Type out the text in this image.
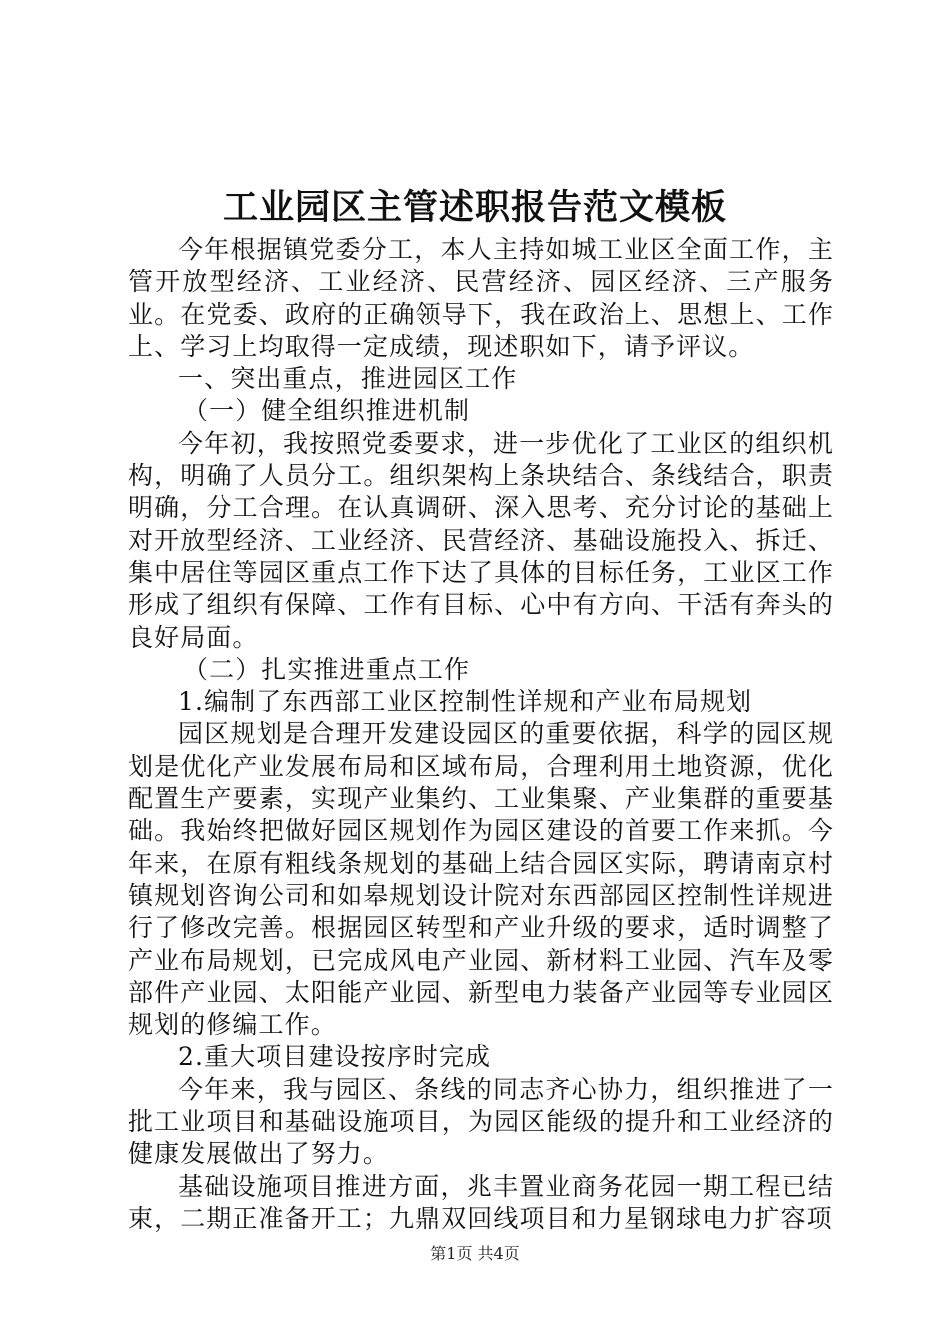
工业园区主管述职报告范文模板

今年根据镇党委分工，本人主持如城工业区全面工作，主管开放型经济、工业经济、民营经济、园区经济、三产服务业。在党委、政府的正确领导下，我在政治上、思想上、工作上、学习上均取得一定成绩，现述职如下，请予评议。

一、突出重点，推进园区工作

（一）健全组织推进机制

今年初，我按照党委要求，进一步优化了工业区的组织机构，明确了人员分工。组织架构上条块结合、条线结合，职责明确，分工合理。在认真调研、深入思考、充分讨论的基础上对开放型经济、工业经济、民营经济、基础设施投入、拆迁、集中居住等园区重点工作下达了具体的目标任务，工业区工作形成了组织有保障、工作有目标、心中有方向、干活有奔头的良好局面。

（二）扎实推进重点工作

1.编制了东西部工业区控制性详规和产业布局规划

园区规划是合理开发建设园区的重要依据，科学的园区规划是优化产业发展布局和区域布局，合理利用土地资源，优化配置生产要素，实现产业集约、工业集聚、产业集群的重要基础。我始终把做好园区规划作为园区建设的首要工作来抓。今年来，在原有粗线条规划的基础上结合园区实际，聘请南京村镇规划咨询公司和如皋规划设计院对东西部园区控制性详规进行了修改完善。根据园区转型和产业升级的要求，适时调整了产业布局规划，已完成风电产业园、新材料工业园、汽车及零部件产业园、太阳能产业园、新型电力装备产业园等专业园区规划的修编工作。

2.重大项目建设按序时完成

今年来，我与园区、条线的同志齐心协力，组织推进了一批工业项目和基础设施项目，为园区能级的提升和工业经济的健康发展做出了努力。

基础设施项目推进方面，兆丰置业商务花园一期工程已结束，二期正准备开工；九鼎双回线项目和力星钢球电力扩容项

第1页 共4页
